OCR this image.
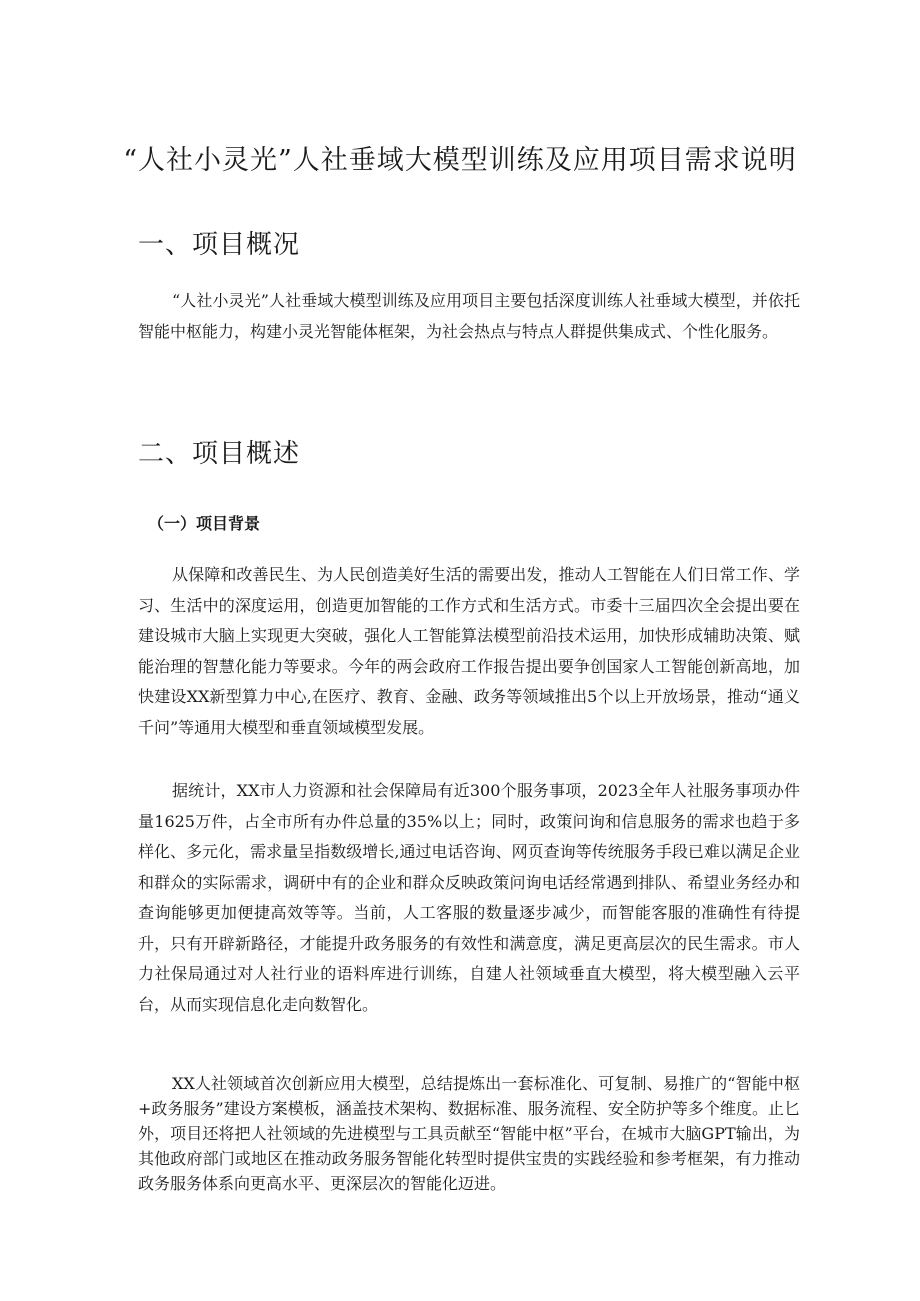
“人社小灵光”人社垂域大模型训练及应用项目需求说明
一、项目概况

“人社小灵光”人社垂域大模型训练及应用项目主要包括深度训练人社垂域大模型，并依托智能中枢能力，构建小灵光智能体框架，为社会热点与特点人群提供集成式、个性化服务。

二、项目概述
（一）项目背景

从保障和改善民生、为人民创造美好生活的需要出发，推动人工智能在人们日常工作、学习、生活中的深度运用，创造更加智能的工作方式和生活方式。市委十三届四次全会提出要在建设城市大脑上实现更大突破，强化人工智能算法模型前沿技术运用，加快形成辅助决策、赋能治理的智慧化能力等要求。今年的两会政府工作报告提出要争创国家人工智能创新高地，加快建设XX新型算力中心,在医疗、教育、金融、政务等领域推出5个以上开放场景，推动“通义千问”等通用大模型和垂直领域模型发展。

据统计，XX市人力资源和社会保障局有近300个服务事项，2023全年人社服务事项办件量1625万件，占全市所有办件总量的35%以上；同时，政策问询和信息服务的需求也趋于多样化、多元化，需求量呈指数级增长,通过电话咨询、网页查询等传统服务手段已难以满足企业和群众的实际需求，调研中有的企业和群众反映政策问询电话经常遇到排队、希望业务经办和查询能够更加便捷高效等等。当前，人工客服的数量逐步减少，而智能客服的准确性有待提升，只有开辟新路径，才能提升政务服务的有效性和满意度，满足更高层次的民生需求。市人力社保局通过对人社行业的语料库进行训练，自建人社领域垂直大模型，将大模型融入云平台，从而实现信息化走向数智化。

XX人社领域首次创新应用大模型，总结提炼出一套标准化、可复制、易推广的“智能中枢+政务服务”建设方案模板，涵盖技术架构、数据标准、服务流程、安全防护等多个维度。止匕外，项目还将把人社领域的先进模型与工具贡献至“智能中枢”平台，在城市大脑GPT输出，为其他政府部门或地区在推动政务服务智能化转型时提供宝贵的实践经验和参考框架，有力推动政务服务体系向更高水平、更深层次的智能化迈进。
